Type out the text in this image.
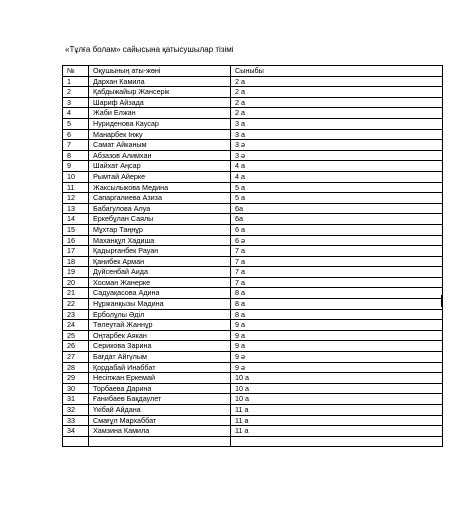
«Тұлға болам» сайысына қатысушылар тізімі
№	Оқушының аты-жөні	Сыныбы
1	Дархан Камила	2 а
2	Қабдыжайыр Жансерік	2 а
3	Шариф Айзада	2 а
4	Жаби Елжан	2 а
5	Нуриденова Каусар	3 а
6	Манарбек Інжу	3 а
7	Самат Айканым	3 ә
8	Абзазов Алимхан	3 ә
9	Шайхат Аңсар	4 а
10	Рымтай Айерке	4 а
11	Жаксылыкова Медина	5 а
12	Сапаргалиева Азиза	5 а
13	Бабагулова Алуа	6а
14	Еркебұлан Саялы	6а
15	Мұхтар Таңнұр	6 а
16	Маханқұл Хадиша	6 ә
17	Қадырғанбек Рауан	7 а
18	Қанибек Арман	7 а
19	Дүйсенбай Аида	7 а
20	Хосман Жанерке	7 а
21	Садуақасова Адина	8 а
22	Нұржанқызы Мадина	8 а
23	Ерболұлы Әділ	8 а
24	Төлеутай Жаннұр	9 а
25	Оңтарбек Аякан	9 а
26	Серикова Зарина	9 а
27	Бағдат Айгүлым	9 ә
28	Қордабай Инаббат	9 ә
29	Несіпжан Еркемай	10 а
30	Торбаева Дарина	10 а
31	Ғанибаев Бақдаулет	10 а
32	Үкібай Айдана	11 а
33	Смағұл Мархаббат	11 а
34	Хамзина Камила	11 а
